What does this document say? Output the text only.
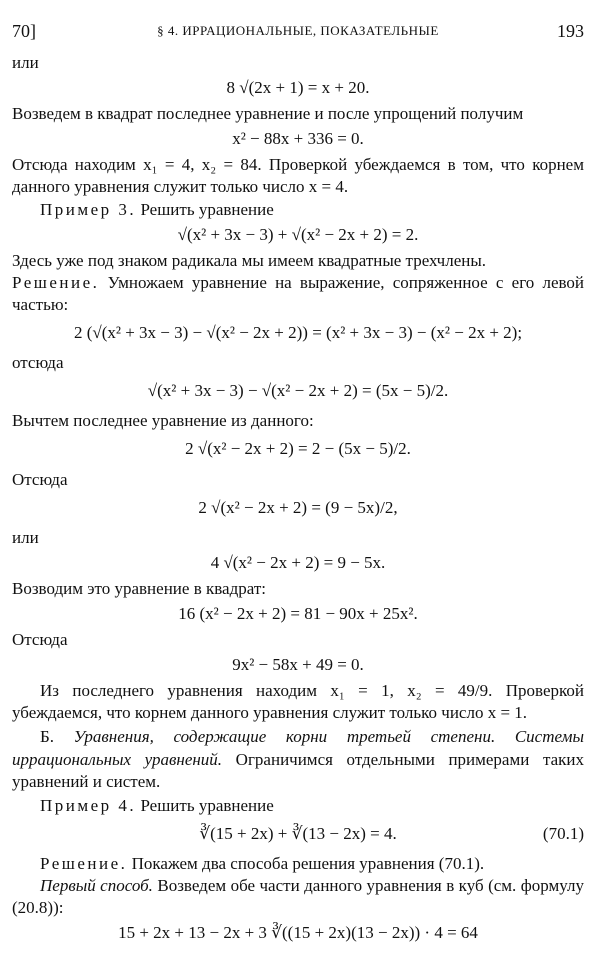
70]	§ 4. ИРРАЦИОНАЛЬНЫЕ, ПОКАЗАТЕЛЬНЫЕ	193

или

8 √(2x + 1) = x + 20.

Возведем в квадрат последнее уравнение и после упрощений получим

x² − 88x + 336 = 0.

Отсюда находим x₁ = 4, x₂ = 84. Проверкой убеждаемся в том, что корнем данного уравнения служит только число x = 4.

Пример 3. Решить уравнение

√(x² + 3x − 3) + √(x² − 2x + 2) = 2.

Здесь уже под знаком радикала мы имеем квадратные трехчлены.

Решение. Умножаем уравнение на выражение, сопряженное с его левой частью:

2 (√(x² + 3x − 3) − √(x² − 2x + 2)) = (x² + 3x − 3) − (x² − 2x + 2);

отсюда

√(x² + 3x − 3) − √(x² − 2x + 2) = (5x − 5)/2.

Вычтем последнее уравнение из данного:

2 √(x² − 2x + 2) = 2 − (5x − 5)/2.

Отсюда

2 √(x² − 2x + 2) = (9 − 5x)/2,

или

4 √(x² − 2x + 2) = 9 − 5x.

Возводим это уравнение в квадрат:

16 (x² − 2x + 2) = 81 − 90x + 25x².

Отсюда

9x² − 58x + 49 = 0.

Из последнего уравнения находим x₁ = 1, x₂ = 49/9. Проверкой убеждаемся, что корнем данного уравнения служит только число x = 1.

Б. Уравнения, содержащие корни третьей степени. Системы иррациональных уравнений. Ограничимся отдельными примерами таких уравнений и систем.

Пример 4. Решить уравнение

∛(15 + 2x) + ∛(13 − 2x) = 4.	(70.1)

Решение. Покажем два способа решения уравнения (70.1).

Первый способ. Возведем обе части данного уравнения в куб (см. формулу (20.8)):

15 + 2x + 13 − 2x + 3 ∛((15 + 2x)(13 − 2x)) · 4 = 64
